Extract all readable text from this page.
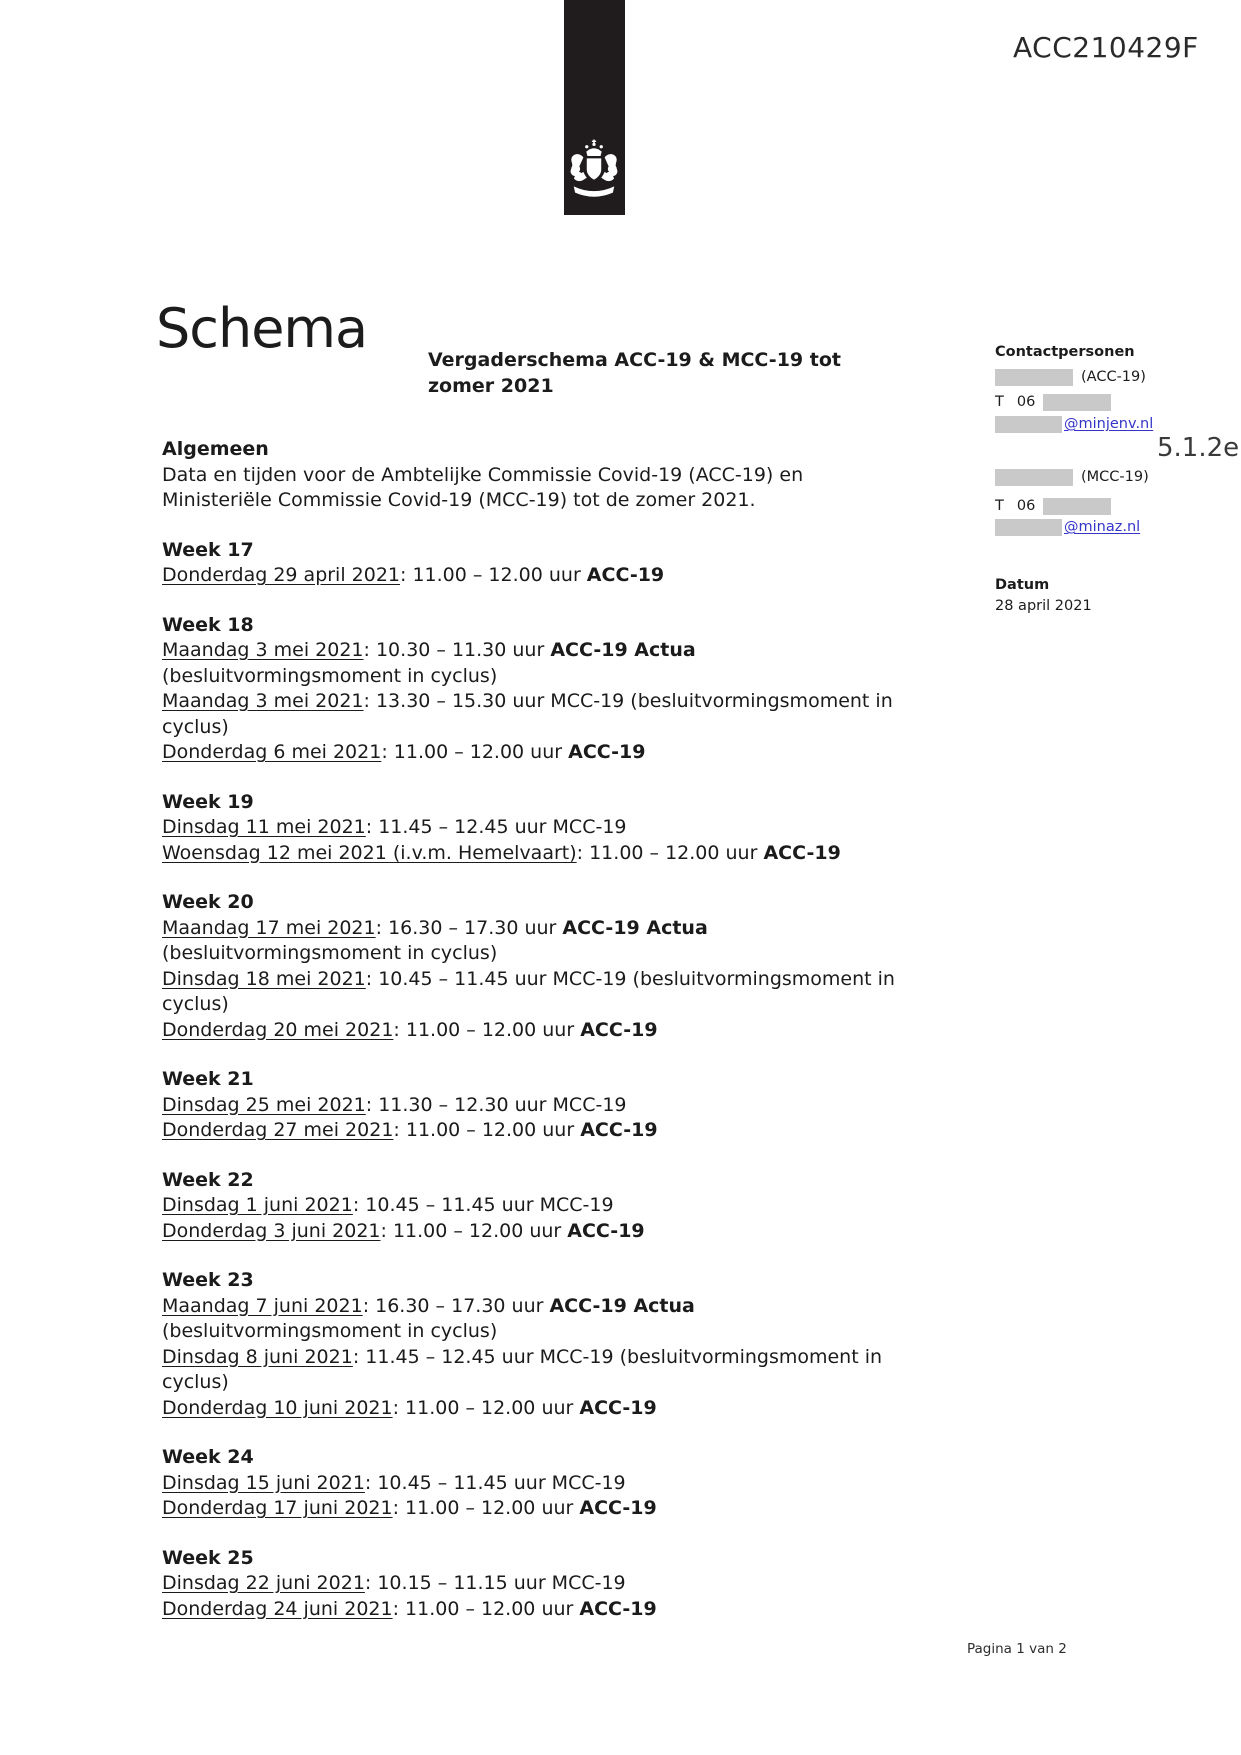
ACC210429F
Schema	Vergaderschema ACC-19 & MCC-19 tot zomer 2021
Algemeen

Data en tijden voor de Ambtelijke Commissie Covid-19 (ACC-19) en Ministeriële Commissie Covid-19 (MCC-19) tot de zomer 2021.

Week 17
Donderdag 29 april 2021: 11.00 – 12.00 uur ACC-19
Week 18
Maandag 3 mei 2021: 10.30 – 11.30 uur ACC-19 Actua (besluitvormingsmoment in cyclus)
Maandag 3 mei 2021: 13.30 – 15.30 uur MCC-19 (besluitvormingsmoment in cyclus)
Donderdag 6 mei 2021: 11.00 – 12.00 uur ACC-19
Week 19
Dinsdag 11 mei 2021: 11.45 – 12.45 uur MCC-19
Woensdag 12 mei 2021 (i.v.m. Hemelvaart): 11.00 – 12.00 uur ACC-19
Week 20
Maandag 17 mei 2021: 16.30 – 17.30 uur ACC-19 Actua (besluitvormingsmoment in cyclus)
Dinsdag 18 mei 2021: 10.45 – 11.45 uur MCC-19 (besluitvormingsmoment in cyclus)
Donderdag 20 mei 2021: 11.00 – 12.00 uur ACC-19
Week 21
Dinsdag 25 mei 2021: 11.30 – 12.30 uur MCC-19
Donderdag 27 mei 2021: 11.00 – 12.00 uur ACC-19
Week 22
Dinsdag 1 juni 2021: 10.45 – 11.45 uur MCC-19
Donderdag 3 juni 2021: 11.00 – 12.00 uur ACC-19
Week 23
Maandag 7 juni 2021: 16.30 – 17.30 uur ACC-19 Actua (besluitvormingsmoment in cyclus)
Dinsdag 8 juni 2021: 11.45 – 12.45 uur MCC-19 (besluitvormingsmoment in cyclus)
Donderdag 10 juni 2021: 11.00 – 12.00 uur ACC-19
Week 24
Dinsdag 15 juni 2021: 10.45 – 11.45 uur MCC-19
Donderdag 17 juni 2021: 11.00 – 12.00 uur ACC-19
Week 25
Dinsdag 22 juni 2021: 10.15 – 11.15 uur MCC-19
Donderdag 24 juni 2021: 11.00 – 12.00 uur ACC-19
Contactpersonen
(ACC-19)
T 06
@minjenv.nl
(MCC-19)
T 06
@minaz.nl
Datum
28 april 2021
5.1.2e
Pagina 1 van 2
